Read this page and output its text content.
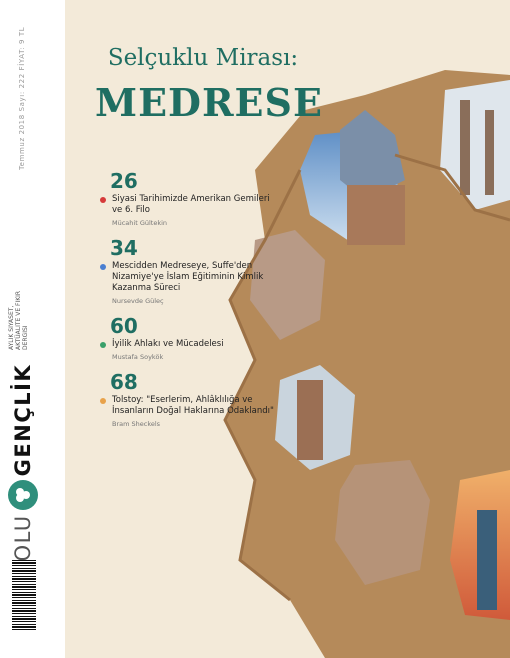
Temmuz 2018 Sayı: 222 FİYAT: 9 TL
AYLIK SIYASET, AKTÜALITE VE FIKIR DERGISI
GENÇLİK
Selçuklu Mirası:
MEDRESE
26
Siyasi Tarihimizde Amerikan Gemileri ve 6. Filo
Mücahit Gültekin
34
Mescidden Medreseye, Suffe'den Nizamiye'ye İslam Eğitiminin Kimlik Kazanma Süreci
Nursevde Güleç
60
İyilik Ahlakı ve Mücadelesi
Mustafa Soykök
68
Tolstoy: "Eserlerim, Ahlâklılığa ve İnsanların Doğal Haklarına Odaklandı"
Bram Sheckels
